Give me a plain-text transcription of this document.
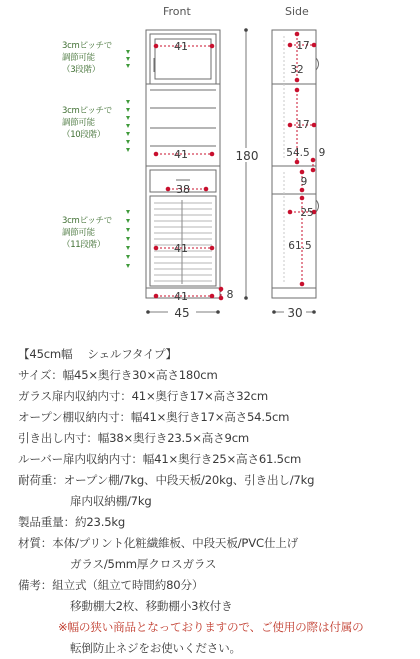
Front	Side
3cmピッチで
調節可能
（3段階）
3cmピッチで
調節可能
（10段階）
3cmピッチで
調節可能
（11段階）
41
41
38
41
41	8
45
180
17
32
17
54.5 9
9
25
61.5
30
【45cm幅　 シェルフタイプ】
サイズ：幅45×奥行き30×高さ180cm
ガラス扉内収納内寸：41×奥行き17×高さ32cm
オープン棚収納内寸：幅41×奥行き17×高さ54.5cm
引き出し内寸：幅38×奥行き23.5×高さ9cm
ルーバー扉内収納内寸：幅41×奥行き25×高さ61.5cm
耐荷重：オープン棚/7kg、中段天板/20kg、引き出し/7kg
扉内収納棚/7kg
製品重量：約23.5kg
材質：本体/プリント化粧繊維板、中段天板/PVC仕上げ
ガラス/5mm厚クロスガラス
備考：組立式（組立て時間約80分）
移動棚大2枚、移動棚小3枚付き
※幅の狭い商品となっておりますので、ご使用の際は付属の
転倒防止ネジをお使いください。
